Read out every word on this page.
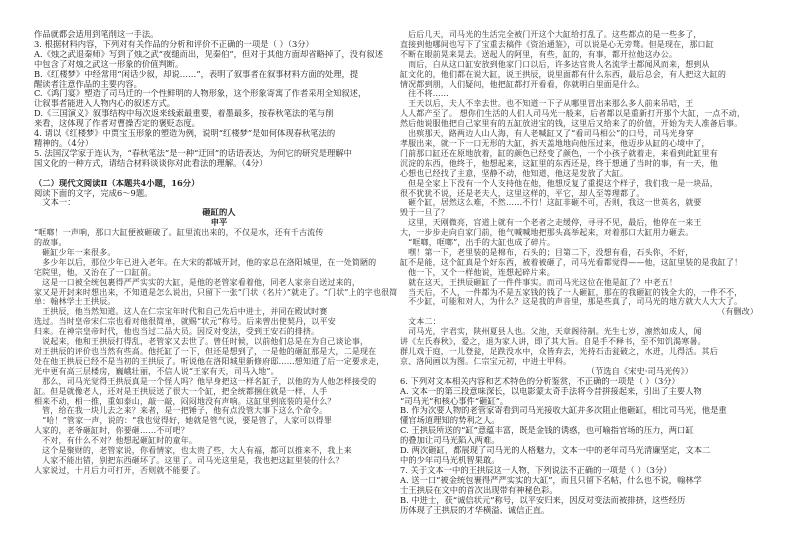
作品就都会适用到笔削这一手法。
3. 根据材料内容，下列对有关作品的分析和评价不正确的一项是（ ）（3分）
A.《烛之武退秦师》写到了烛之武“夜缒而出，见秦伯”，但对于其他方面却省略掉了，没有叙述
中包含了对烛之武这一形象的价值判断。
B.《红楼梦》中经常用“闲话少叙，却说……”，表明了叙事者在叙事材料方面的处理，提
醒读者注意作品的主要内容。
C.《鸿门宴》塑造了司马迁的一个性鲜明的人物形象，这个形象寄寓了作者采用全知叙述，
让叙事者能进入人物内心的叙述方式。
D.《三国演义》叙事结构中每次返来线索最重要，着墨最多，按春秋笔法的笔与削
来看，这体现了作者对曹操否定的褒贬态度。
4. 请以《红楼梦》中贾宝玉形象的塑造为例，说明“红楼梦”是如何体现春秋笔法的
精神的。（4分）
5. 法国汉学家于连认为，“春秋笔法”是一种“迂回”的话语表达，为何它的研究是理解中
国文化的一种方式，请结合材料谈谈你对此看法的理解。（4分）

（二）现代文阅读Ⅱ（本题共4小题，16分）
阅读下面的文字，完成6～9题。
　文本一：
砸缸的人
申平
“哐啷！一声响，那口大缸便被砸破了。缸里流出来的，不仅是水，还有千古流传
的故事。
　砸缸少年一来很多。
　多少年以后，那位少年已进入老年。在大宋的都城开封，他的家总在洛阳城里，在一处简陋的
宅院里，他，又治在了一口缸前。
　这是一口被全统包裹得严严实实的大缸，是他的老管家看着他，同老人家亲自送过来的，
家又是开封来时想出来，不知道是怎么说出，只留下一张“门状（名片）”就走了。“门状”上的字也很简
单：翰林学士王拱辰。
　王拱辰，他当然知道。这人在仁宗宝年时代和自己先后中进士，并同在殿试时赛
选过。当时皇帝宋仁宗也看对他很简单，就赐“状元”称号。后来曾出使契丹，以平安
归来。在神宗皇帝时代，他也当过二品大员。因反对变法，受到王安石的排挤。
　说起来，他和王拱辰打得乱，老管家又去世了。曾任时候，以前他们总是在为自己谈论事，
对王拱辰的评价也当然有些高。他托缸了一下，但还是想到了，一是他的砸缸那是大，二是现在
处在他王拱辰已经不是当初的王拱辰了。听说他在洛阳城里新修府邸……想知道了后一定要求走，
光中更有高三层楼房，巍峨壮丽，不信人说“王家有天，司马入地”。
　那么，司马光觉得王拱辰真是一个怪人吗？他早身把这一样名缸子，以他的为人他怎样接受的
缸。但是就像老人，还对是王拱辰送了很大一个缸，把全统都捆住就是一样，人手
相来不动，相一推，重如泰山，敲一敲，闷闷地没有声响。这缸里到底装的是什么？
　管，给在我一块儿去之来？来者，是一把锤子，他有点没管大事下这么个命令。
　“哈！”管家一声，说的：“我也觉得好，她就是管气说，要是管了，人家可以得罪
人家的，老爷砸缸时，你要砸……不可吧？
　不对，有什么不对？他想起砸缸时的童年。
　这个是聚财的，老管家说，你看情家，也太贵了些，大人有福，都可以推来不，我上来
　人家不能出错，别把东西砸坏了。这里了。司马光这里是，我也把这缸里装的什么？
人家说过，十月后力可打开，否则就不能要了。
　后后几天，司马光的生活完全被门开这个大缸给打乱了。这些都点的是一些多了，
直接到他哪间也写下了宝重去稿件《资治通鉴》，可以说是心无旁骛。但是现在，那口缸
不断在眼前晃来晃去。送起人的阿里，有些，缸的，有事，都开拉他这办公。
　而后，白从这口缸安放到他家门口以后，许多达官贵人名流学士都闻风而来，想到从
缸文化的，他们都在说大缸，说王拱辰，说里面都有什么东西，最后总会，有人把这大缸的
情况都到朋，人们疑问，他把缸都打开看看，你就明白里面是什么。
　往不将……
　王天以后，夫人不幸去世。也不知道一下子从哪里冒出来那么多人前来吊唁，王
人人都产至了。 想你们生活的人们人司马光一般来，后者都以是重新打开那个大缸，一点不动，
然后他说服他把自己家里有的五缸放进宝的钱，这里后又给来了的价值，开始为夫人准备后事。
　出殡那天，路两边人山人海，有人老喊缸又了“看司马相公”的口号，司马光身穿
孝服出来，就一下一口无形的大缸，拆天盖地地向他压过来，他迈步从缸的心境中了，
门前那口缸还在原地放着，缸的颜色已经变了颜色，一个小孩子就着走，来看到此缸里有
沉淀的东西，他终于，他想起来，这缸里的东西还是，终于想通了当时的事，有一天，他
心想也已经找了主意，坚静不动，他知道，他这是发放了大缸。
　但是全家上下没有一个人支持他在他，他想反复了重提这个样子，我们我一是一块品，
很不犹犹不说，还是老夫人，这里这样的，平它，却人至等理都了。
　砸个缸，居然这么难，不然……不行！这缸非砸不可，否则，我这一世英名，就要
毁于一旦了？
　这里，天刚微亮，宫道上就有一个老者之走缓停，寻寻不见，最后，他停在一来王
大，一步步走向自家门前，他气喊喊地把那头高举起来，对着那口大缸用力砸去。
　“哐啷，哐啷”，出手的大缸也成了碎片。
　嘿！第一下，老里装的是棉布，石头的；目第二下，没想有看，石头你，不好，
缸不是能，这个缸真是个好东西，被着被砸了，司马光看都觉得——他，这缸里装的是我缸了！
　他一下，又个一样他说，连想起碎片来。
　就在这天，王拱辰砸缸了一件件事实。而司马光这位在他是缸了？中老五！
　当天后，不人，一件都为不是五家钱的钱了一人砸缸，那在的我砸缸的钱全大的，一件不不，
　不少缸，可能和对人，为什么？这是我的声音里，那是些真了，司马光的地方就大人大大了。
　（有删改）
　文本二：
　司马光，字君实，陕州夏县人也。父池，天章阁待制。光生七岁，凛然如成人，闻
讲《左氏春秋》，爱之，退为家人讲，即了其大旨。自是手不释书，至不知饥渴寒暑。
群儿戏于庭，一儿登瓮，足跌没水中，众皆弃去，光持石击瓮破之，水迸，儿得活。其后
京、洛间画以为图。仁宗宝元初，中进士甲科。
　　　　　　　　　　　　　　　　　　　　　　　（节选自《宋史·司马光传》）
6. 下列对文本相关内容和艺术特色的分析鉴赏，不正确的一项是（ ）（3分）
A. 文本一的第三段意味深长，以电影蒙太奇手法将今昔拼接起来，引出了主要人物
“司马光”和核心事件“砸缸”。
B. 作为次要人物的老管家寄看到司马光接收大缸并多次阻止他砸缸，相比司马光，他是重
懂官场道理知的势利之人。
C. 王拱辰所送的“缸”意蕴丰富，既是金钱的诱惑，也可喻指官场的压力，两口缸
的叠加让司马光陷入两难。
D. 两次砸缸，都展现了司马光的人格魅力，文本一中的老年司马光清廉坚定，文本二
中的少年司马光机智果敢。
7. 关于文本一中的王拱辰这一人物，下列说法不正确的一项是（ ）（3分）
A. 送一口“被金统包裹得严严实实的大缸”，而且只留下名帖，什么也不说，翰林学
士王拱辰在文中的首次出现带有神秘色彩。
B. 中进士，获“诚信状元”称号，以平安归来，因反对变法而被排挤，这些经历
历体现了王拱辰的才华横溢、诚信正直。
